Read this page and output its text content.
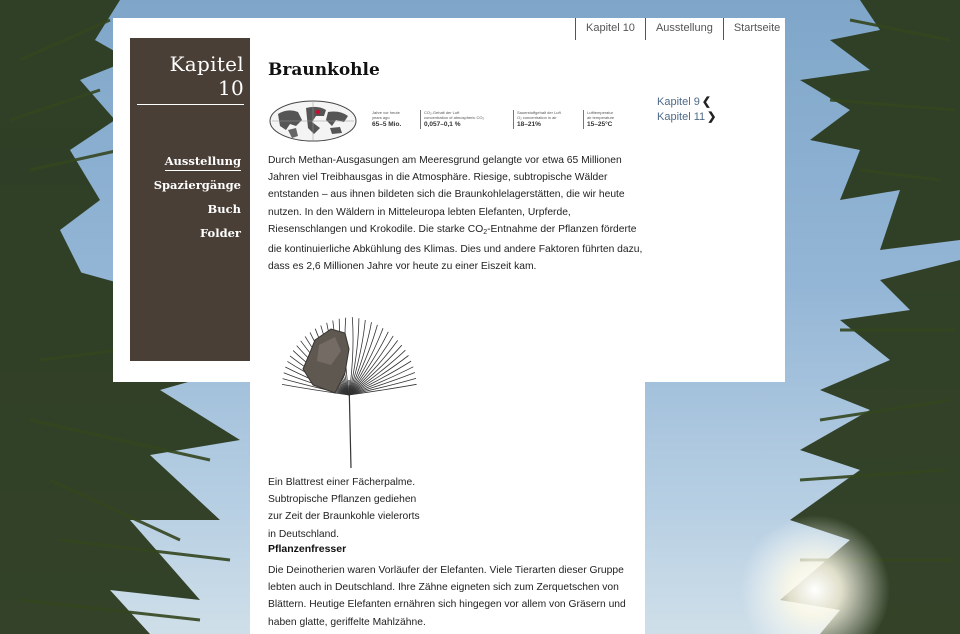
Kapitel 10	Ausstellung	Startseite
Kapitel 10
Ausstellung
Spaziergänge
Buch
Folder
Braunkohle
Kapitel 9 ❮
Kapitel 11 ❯
Jahre vor heute
years ago
65–5 Mio.
CO₂-Gehalt der Luft
concentration of atmospheric CO₂
0,057–0,1 %
Sauerstoffgehalt der Luft
O₂ concentration in air
18–21%
Lufttemperatur
air temperature
15–25°C

Durch Methan-Ausgasungen am Meeresgrund gelangte vor etwa 65 Millionen Jahren viel Treibhausgas in die Atmosphäre. Riesige, subtropische Wälder entstanden – aus ihnen bildeten sich die Braunkohlelagerstätten, die wir heute nutzen. In den Wäldern in Mitteleuropa lebten Elefanten, Urpferde, Riesenschlangen und Krokodile. Die starke $CO_2$-Entnahme der Pflanzen förderte die kontinuierliche Abkühlung des Klimas. Dies und andere Faktoren führten dazu, dass es 2,6 Millionen Jahre vor heute zu einer Eiszeit kam.

Ein Blattrest einer Fächerpalme.
Subtropische Pflanzen gediehen
zur Zeit der Braunkohle vielerorts
in Deutschland.

Pflanzenfresser

Die Deinotherien waren Vorläufer der Elefanten. Viele Tierarten dieser Gruppe lebten auch in Deutschland. Ihre Zähne eigneten sich zum Zerquetschen von Blättern. Heutige Elefanten ernähren sich hingegen vor allem von Gräsern und haben glatte, geriffelte Mahlzähne.
